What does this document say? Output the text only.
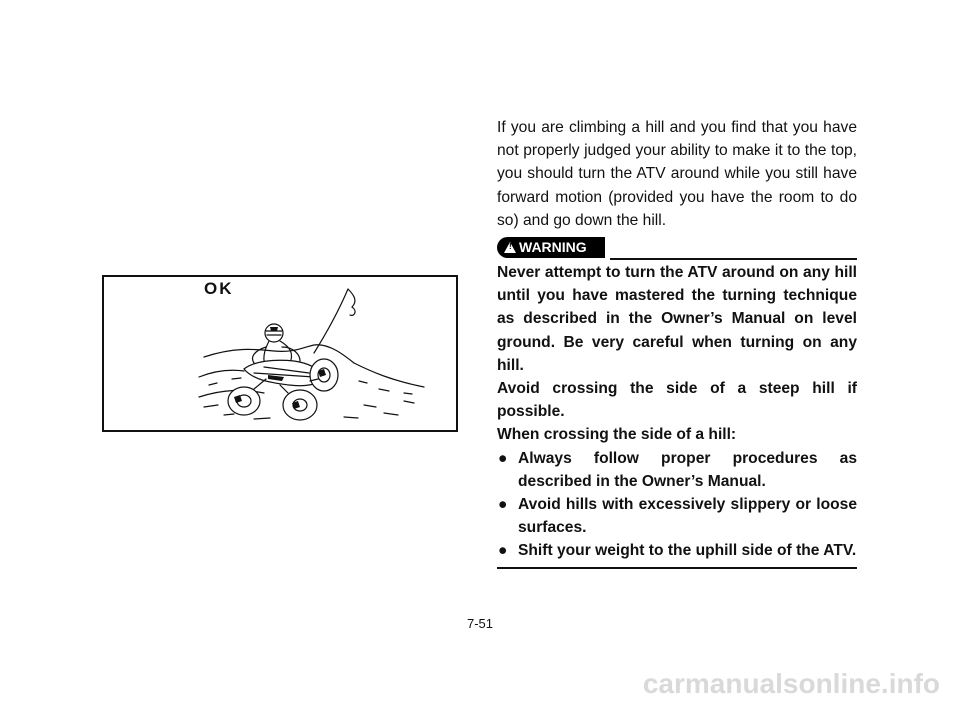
OK

If you are climbing a hill and you find that you have not properly judged your ability to make it to the top, you should turn the ATV around while you still have forward motion (provided you have the room to do so) and go down the hill.

! WARNING

Never attempt to turn the ATV around on any hill until you have mastered the turning technique as described in the Owner’s Manual on level ground. Be very careful when turning on any hill.

Avoid crossing the side of a steep hill if possible.

When crossing the side of a hill:

● Always follow proper procedures as described in the Owner’s Manual.
● Avoid hills with excessively slippery or loose surfaces.
● Shift your weight to the uphill side of the ATV.
7-51
carmanualsonline.info
